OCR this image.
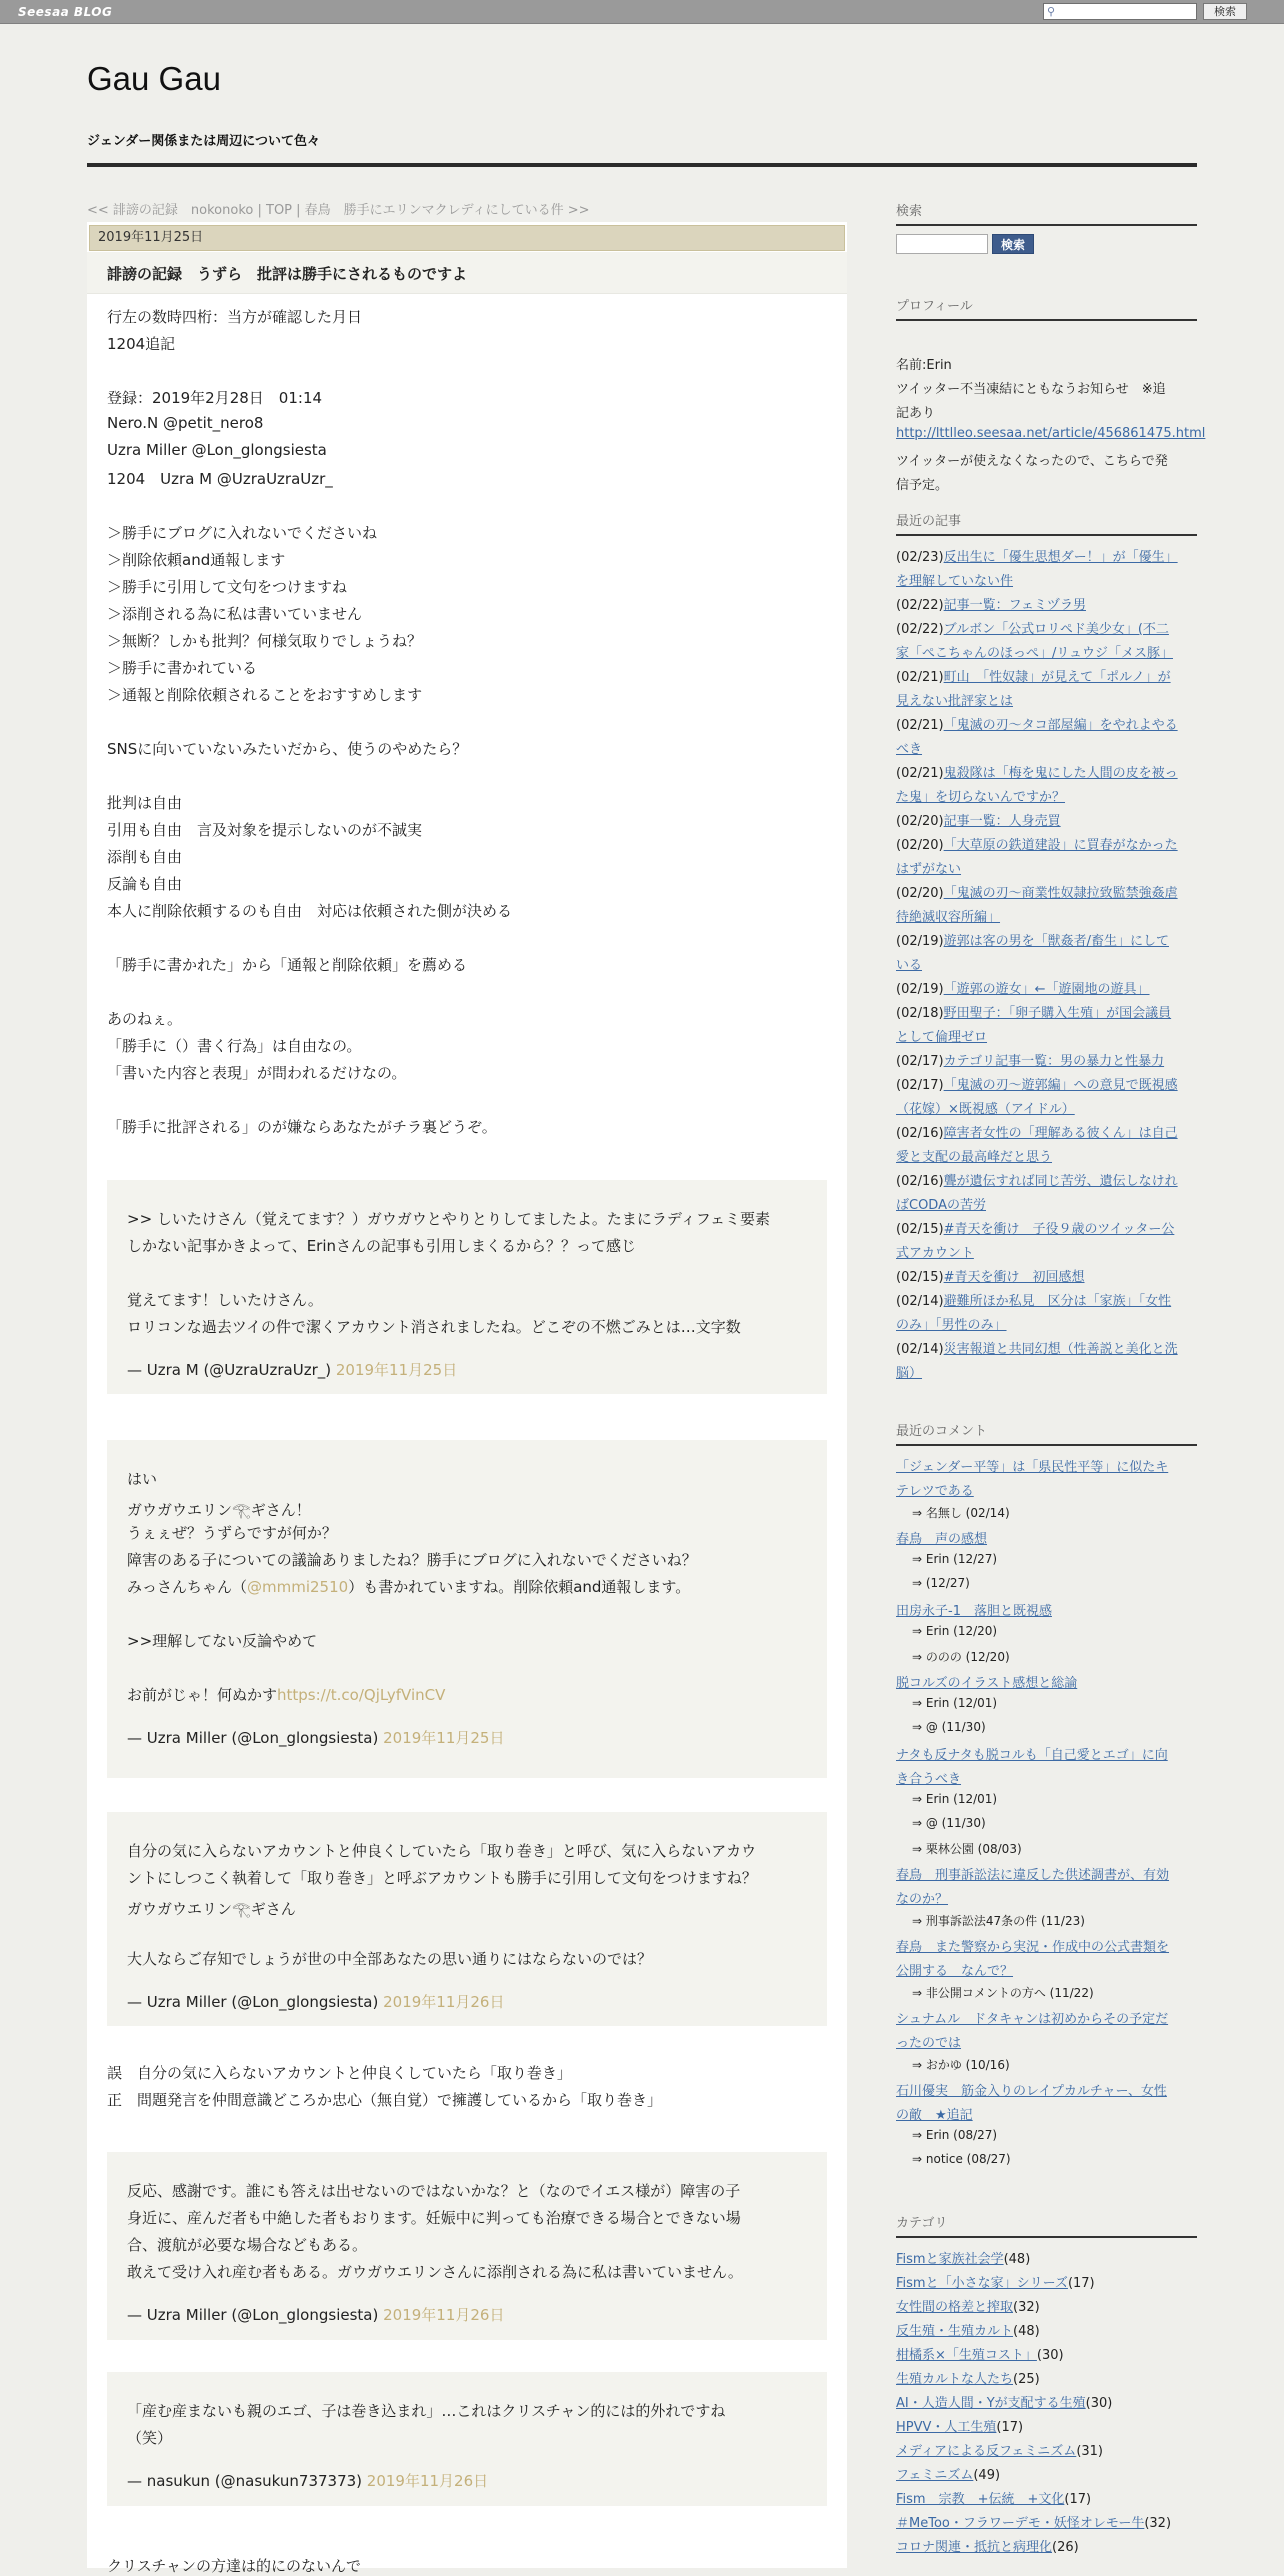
Seesaa BLOG	⚲	検索
Gau Gau
ジェンダー関係または周辺について色々
<< 誹謗の記録　nokonoko | TOP | 春鳥　勝手にエリンマクレディにしている件 >>
2019年11月25日
誹謗の記録　うずら　批評は勝手にされるものですよ
行左の数時四桁：当方が確認した月日
1204追記
登録：2019年2月28日　01:14
Nero.N @petit_nero8
Uzra Miller @Lon_glongsiesta
1204　Uzra M @UzraUzraUzr_
＞勝手にブログに入れないでくださいね
＞削除依頼and通報します
＞勝手に引用して文句をつけますね
＞添削される為に私は書いていません
＞無断？しかも批判？何様気取りでしょうね？
＞勝手に書かれている
＞通報と削除依頼されることをおすすめします
SNSに向いていないみたいだから、使うのやめたら？
批判は自由
引用も自由　言及対象を提示しないのが不誠実
添削も自由
反論も自由
本人に削除依頼するのも自由　対応は依頼された側が決める
「勝手に書かれた」から「通報と削除依頼」を薦める
あのねぇ。
「勝手に（）書く行為」は自由なの。
「書いた内容と表現」が問われるだけなの。
「勝手に批評される」のが嫌ならあなたがチラ裏どうぞ。
>> しいたけさん（覚えてます？）ガウガウとやりとりしてましたよ。たまにラディフェミ要素
しかない記事かきよって、Erinさんの記事も引用しまくるから？？って感じ
覚えてます！しいたけさん。
ロリコンな過去ツイの件で潔くアカウント消されましたね。どこぞの不燃ごみとは…文字数
— Uzra M (@UzraUzraUzr_) 2019年11月25日
はい
ガウガウエリン𓂀ギさん！
うぇぇぜ？うずらですが何か？
障害のある子についての議論ありましたね？勝手にブログに入れないでくださいね？
みっさんちゃん（@mmmi2510）も書かれていますね。削除依頼and通報します。
>>理解してない反論やめて
お前がじゃ！何ぬかすhttps://t.co/QjLyfVinCV
— Uzra Miller (@Lon_glongsiesta) 2019年11月25日
自分の気に入らないアカウントと仲良くしていたら「取り巻き」と呼び、気に入らないアカウ
ントにしつこく執着して「取り巻き」と呼ぶアカウントも勝手に引用して文句をつけますね？
ガウガウエリン𓂀ギさん
大人ならご存知でしょうが世の中全部あなたの思い通りにはならないのでは？
— Uzra Miller (@Lon_glongsiesta) 2019年11月26日
誤　自分の気に入らないアカウントと仲良くしていたら「取り巻き」
正　問題発言を仲間意識どころか忠心（無自覚）で擁護しているから「取り巻き」
反応、感謝です。誰にも答えは出せないのではないかな？と（なのでイエス様が）障害の子
身近に、産んだ者も中絶した者もおります。妊娠中に判っても治療できる場合とできない場
合、渡航が必要な場合などもある。
敢えて受け入れ産む者もある。ガウガウエリンさんに添削される為に私は書いていません。
— Uzra Miller (@Lon_glongsiesta) 2019年11月26日
「産む産まないも親のエゴ、子は巻き込まれ」…これはクリスチャン的には的外れですね
（笑）
— nasukun (@nasukun737373) 2019年11月26日
クリスチャンの方達は的にのないんで
検索
検索
プロフィール
名前:Erin
ツイッター不当凍結にともなうお知らせ　※追
記あり
http://lttlleo.seesaa.net/article/456861475.html
ツイッターが使えなくなったので、こちらで発
信予定。
最近の記事
(02/23)反出生に「優生思想ダー！」が「優生」
を理解していない件
(02/22)記事一覧：フェミヅラ男
(02/22)ブルボン「公式ロリペド美少女」(不二
家「ぺこちゃんのほっぺ」/リュウジ「メス豚」
(02/21)町山　「性奴隷」が見えて「ポルノ」が
見えない批評家とは
(02/21)「鬼滅の刃～タコ部屋編」をやれよやる
べき
(02/21)鬼殺隊は「梅を鬼にした人間の皮を被っ
た鬼」を切らないんですか？
(02/20)記事一覧：人身売買
(02/20)「大草原の鉄道建設」に買春がなかった
はずがない
(02/20)「鬼滅の刃～商業性奴隷拉致監禁強姦虐
待絶滅収容所編」
(02/19)遊郭は客の男を「獣姦者/畜生」にして
いる
(02/19)「遊郭の遊女」←「遊園地の遊具」
(02/18)野田聖子：「卵子購入生殖」が国会議員
として倫理ゼロ
(02/17)カテゴリ記事一覧：男の暴力と性暴力
(02/17)「鬼滅の刃～遊郭編」への意見で既視感
（花嫁）×既視感（アイドル）
(02/16)障害者女性の「理解ある彼くん」は自己
愛と支配の最高峰だと思う
(02/16)聾が遺伝すれば同じ苦労、遺伝しなけれ
ばCODAの苦労
(02/15)#青天を衝け　子役９歳のツイッター公
式アカウント
(02/15)#青天を衝け　初回感想
(02/14)避難所ほか私見　区分は「家族」「女性
のみ」「男性のみ」
(02/14)災害報道と共同幻想（性善説と美化と洗
脳）
最近のコメント
「ジェンダー平等」は「県民性平等」に似たキ
テレツである
⇒ 名無し (02/14)
春鳥　声の感想
⇒ Erin (12/27)
⇒ (12/27)
田房永子-1　落胆と既視感
⇒ Erin (12/20)
⇒ ののの (12/20)
脱コルズのイラスト感想と総論
⇒ Erin (12/01)
⇒ @ (11/30)
ナタも反ナタも脱コルも「自己愛とエゴ」に向
き合うべき
⇒ Erin (12/01)
⇒ @ (11/30)
⇒ 栗林公園 (08/03)
春鳥　刑事訴訟法に違反した供述調書が、有効
なのか？
⇒ 刑事訴訟法47条の件 (11/23)
春鳥　また警察から実況・作成中の公式書類を
公開する　なんで？
⇒ 非公開コメントの方へ (11/22)
シュナムル　ドタキャンは初めからその予定だ
ったのでは
⇒ おかゆ (10/16)
石川優実　筋金入りのレイプカルチャー、女性
の敵　★追記
⇒ Erin (08/27)
⇒ notice (08/27)
カテゴリ
Fismと家族社会学(48)
Fismと「小さな家」シリーズ(17)
女性間の格差と搾取(32)
反生殖・生殖カルト(48)
柑橘系×「生殖コスト」(30)
生殖カルトな人たち(25)
AI・人造人間・Yが支配する生殖(30)
HPVV・人工生殖(17)
メディアによる反フェミニズム(31)
フェミニズム(49)
Fism　宗教　+伝統　+文化(17)
＃MeToo・フラワーデモ・妖怪オレモー牛(32)
コロナ関連・抵抗と病理化(26)
